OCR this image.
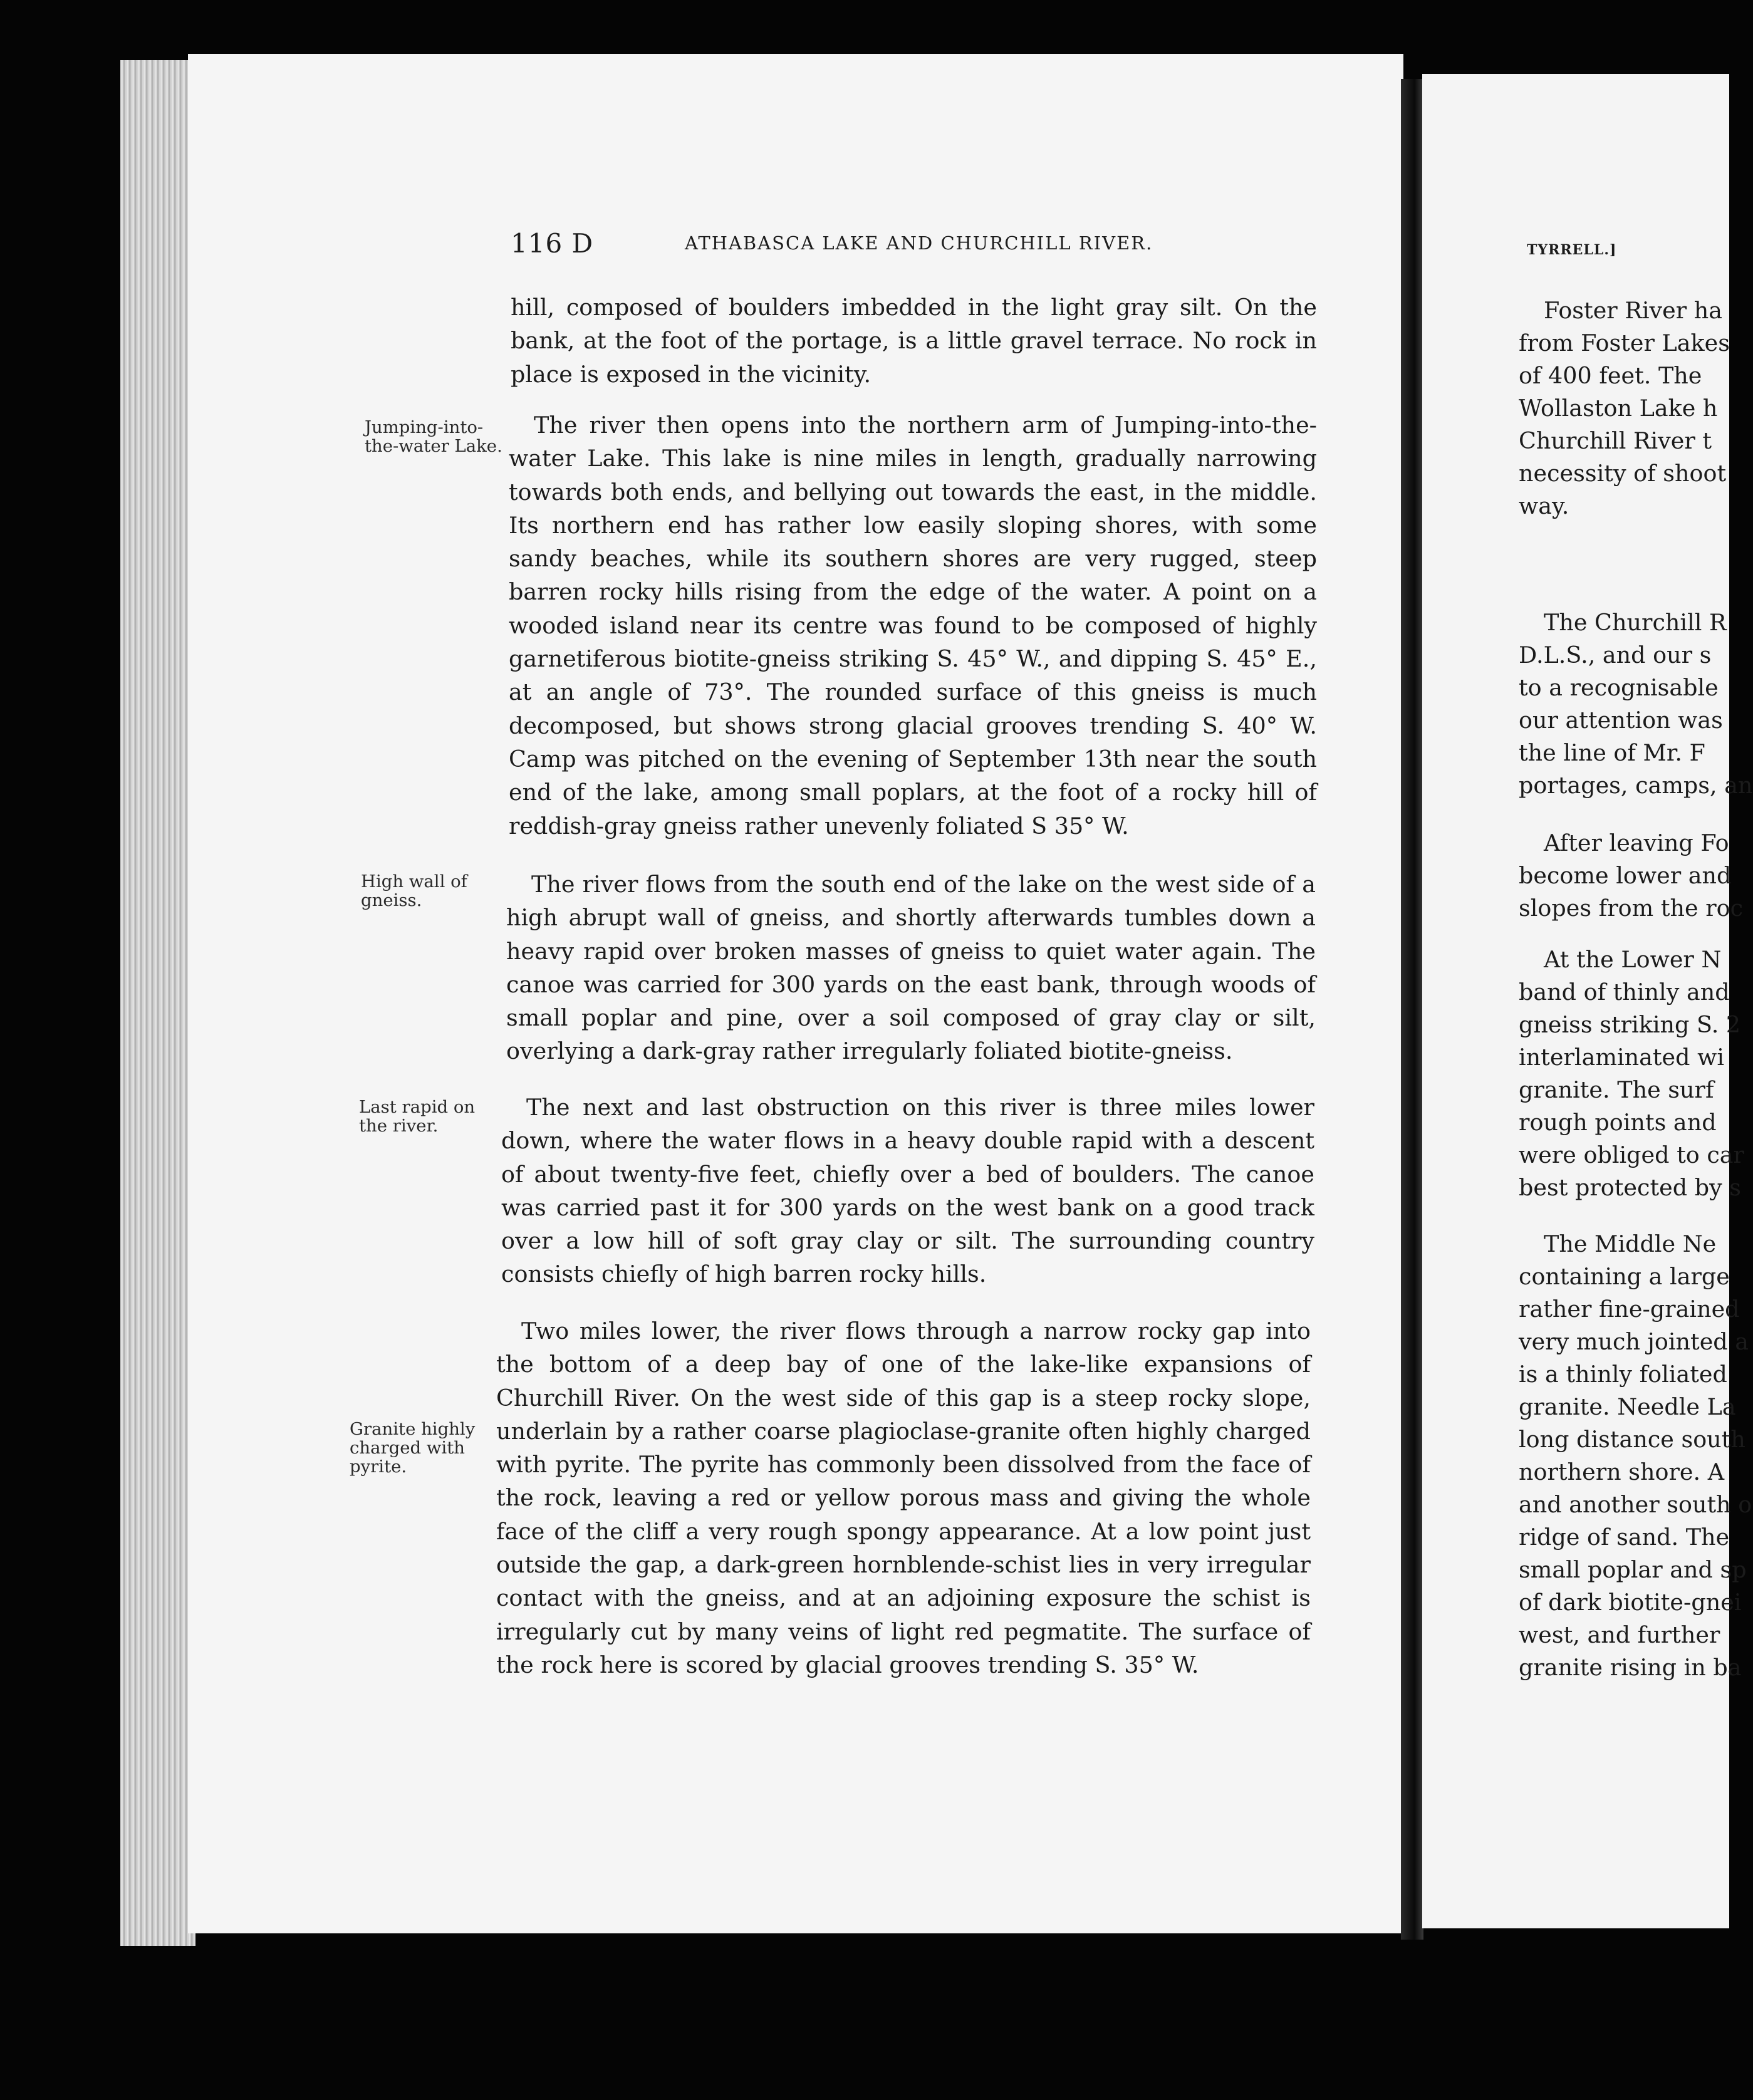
116 D	ATHABASCA LAKE AND CHURCHILL RIVER.

hill, composed of boulders imbedded in the light gray silt. On the bank, at the foot of the portage, is a little gravel terrace. No rock in place is exposed in the vicinity.

The river then opens into the northern arm of Jumping-into-the-water Lake. This lake is nine miles in length, gradually narrowing towards both ends, and bellying out towards the east, in the middle. Its northern end has rather low easily sloping shores, with some sandy beaches, while its southern shores are very rugged, steep barren rocky hills rising from the edge of the water. A point on a wooded island near its centre was found to be composed of highly garnetiferous biotite-gneiss striking S. 45° W., and dipping S. 45° E., at an angle of 73°. The rounded surface of this gneiss is much decomposed, but shows strong glacial grooves trending S. 40° W. Camp was pitched on the evening of September 13th near the south end of the lake, among small poplars, at the foot of a rocky hill of reddish-gray gneiss rather unevenly foliated S 35° W.

The river flows from the south end of the lake on the west side of a high abrupt wall of gneiss, and shortly afterwards tumbles down a heavy rapid over broken masses of gneiss to quiet water again. The canoe was carried for 300 yards on the east bank, through woods of small poplar and pine, over a soil composed of gray clay or silt, overlying a dark-gray rather irregularly foliated biotite-gneiss.

The next and last obstruction on this river is three miles lower down, where the water flows in a heavy double rapid with a descent of about twenty-five feet, chiefly over a bed of boulders. The canoe was carried past it for 300 yards on the west bank on a good track over a low hill of soft gray clay or silt. The surrounding country consists chiefly of high barren rocky hills.

Two miles lower, the river flows through a narrow rocky gap into the bottom of a deep bay of one of the lake-like expansions of Churchill River. On the west side of this gap is a steep rocky slope, underlain by a rather coarse plagioclase-granite often highly charged with pyrite. The pyrite has commonly been dissolved from the face of the rock, leaving a red or yellow porous mass and giving the whole face of the cliff a very rough spongy appearance. At a low point just outside the gap, a dark-green hornblende-schist lies in very irregular contact with the gneiss, and at an adjoining exposure the schist is irregularly cut by many veins of light red pegmatite. The surface of the rock here is scored by glacial grooves trending S. 35° W.

Jumping-into-the-water Lake.

High wall of gneiss.

Last rapid on the river.

Granite highly charged with pyrite.

TYRRELL.]

Foster River ha

from Foster Lakes

of 400 feet. The

Wollaston Lake h

Churchill River t

necessity of shoot

way.

The Churchill R

D.L.S., and our s

to a recognisable

our attention was

the line of Mr. F

portages, camps, an

After leaving Fo

become lower and

slopes from the roc

At the Lower N

band of thinly and

gneiss striking S. 2

interlaminated wi

granite. The surf

rough points and

were obliged to car

best protected by s

The Middle Ne

containing a large

rather fine-grained

very much jointed a

is a thinly foliated

granite. Needle La

long distance south

northern shore. A

and another south o

ridge of sand. The

small poplar and sp

of dark biotite-gnei

west, and further

granite rising in ba
